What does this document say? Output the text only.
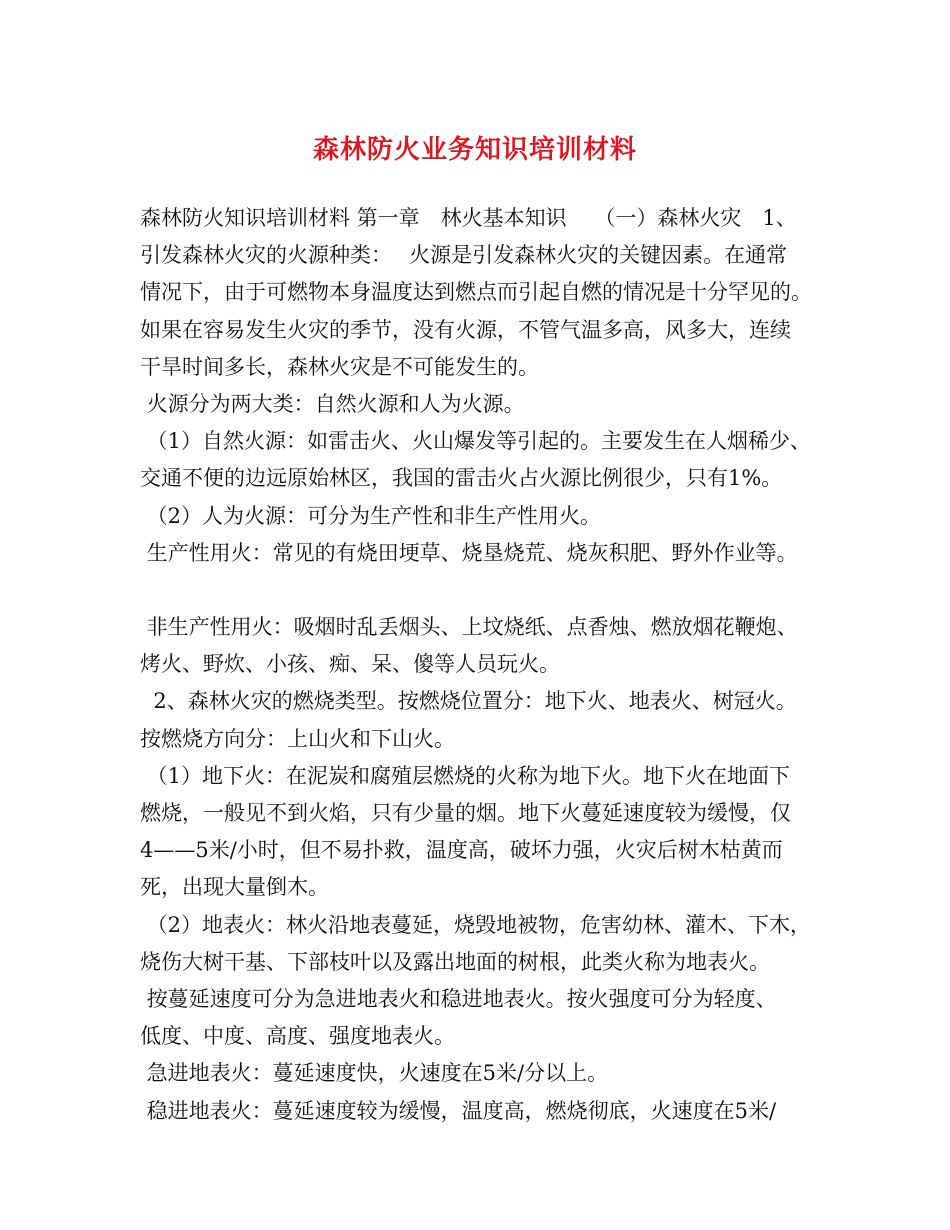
森林防火业务知识培训材料
森林防火知识培训材料 第一章　林火基本知识　 （一）森林火灾　1、
引发森林火灾的火源种类：　 火源是引发森林火灾的关键因素。在通常
情况下，由于可燃物本身温度达到燃点而引起自燃的情况是十分罕见的。
如果在容易发生火灾的季节，没有火源，不管气温多高，风多大，连续
干旱时间多长，森林火灾是不可能发生的。
火源分为两大类：自然火源和人为火源。
（1）自然火源：如雷击火、火山爆发等引起的。主要发生在人烟稀少、
交通不便的边远原始林区，我国的雷击火占火源比例很少，只有1%。
（2）人为火源：可分为生产性和非生产性用火。
生产性用火：常见的有烧田埂草、烧垦烧荒、烧灰积肥、野外作业等。
非生产性用火：吸烟时乱丢烟头、上坟烧纸、点香烛、燃放烟花鞭炮、
烤火、野炊、小孩、痴、呆、傻等人员玩火。
2、森林火灾的燃烧类型。按燃烧位置分：地下火、地表火、树冠火。
按燃烧方向分：上山火和下山火。
（1）地下火：在泥炭和腐殖层燃烧的火称为地下火。地下火在地面下
燃烧，一般见不到火焰，只有少量的烟。地下火蔓延速度较为缓慢，仅
4——5米/小时，但不易扑救，温度高，破坏力强，火灾后树木枯黄而
死，出现大量倒木。
（2）地表火：林火沿地表蔓延，烧毁地被物，危害幼林、灌木、下木，
烧伤大树干基、下部枝叶以及露出地面的树根，此类火称为地表火。
按蔓延速度可分为急进地表火和稳进地表火。按火强度可分为轻度、
低度、中度、高度、强度地表火。
急进地表火：蔓延速度快，火速度在5米/分以上。
稳进地表火：蔓延速度较为缓慢，温度高，燃烧彻底，火速度在5米/
